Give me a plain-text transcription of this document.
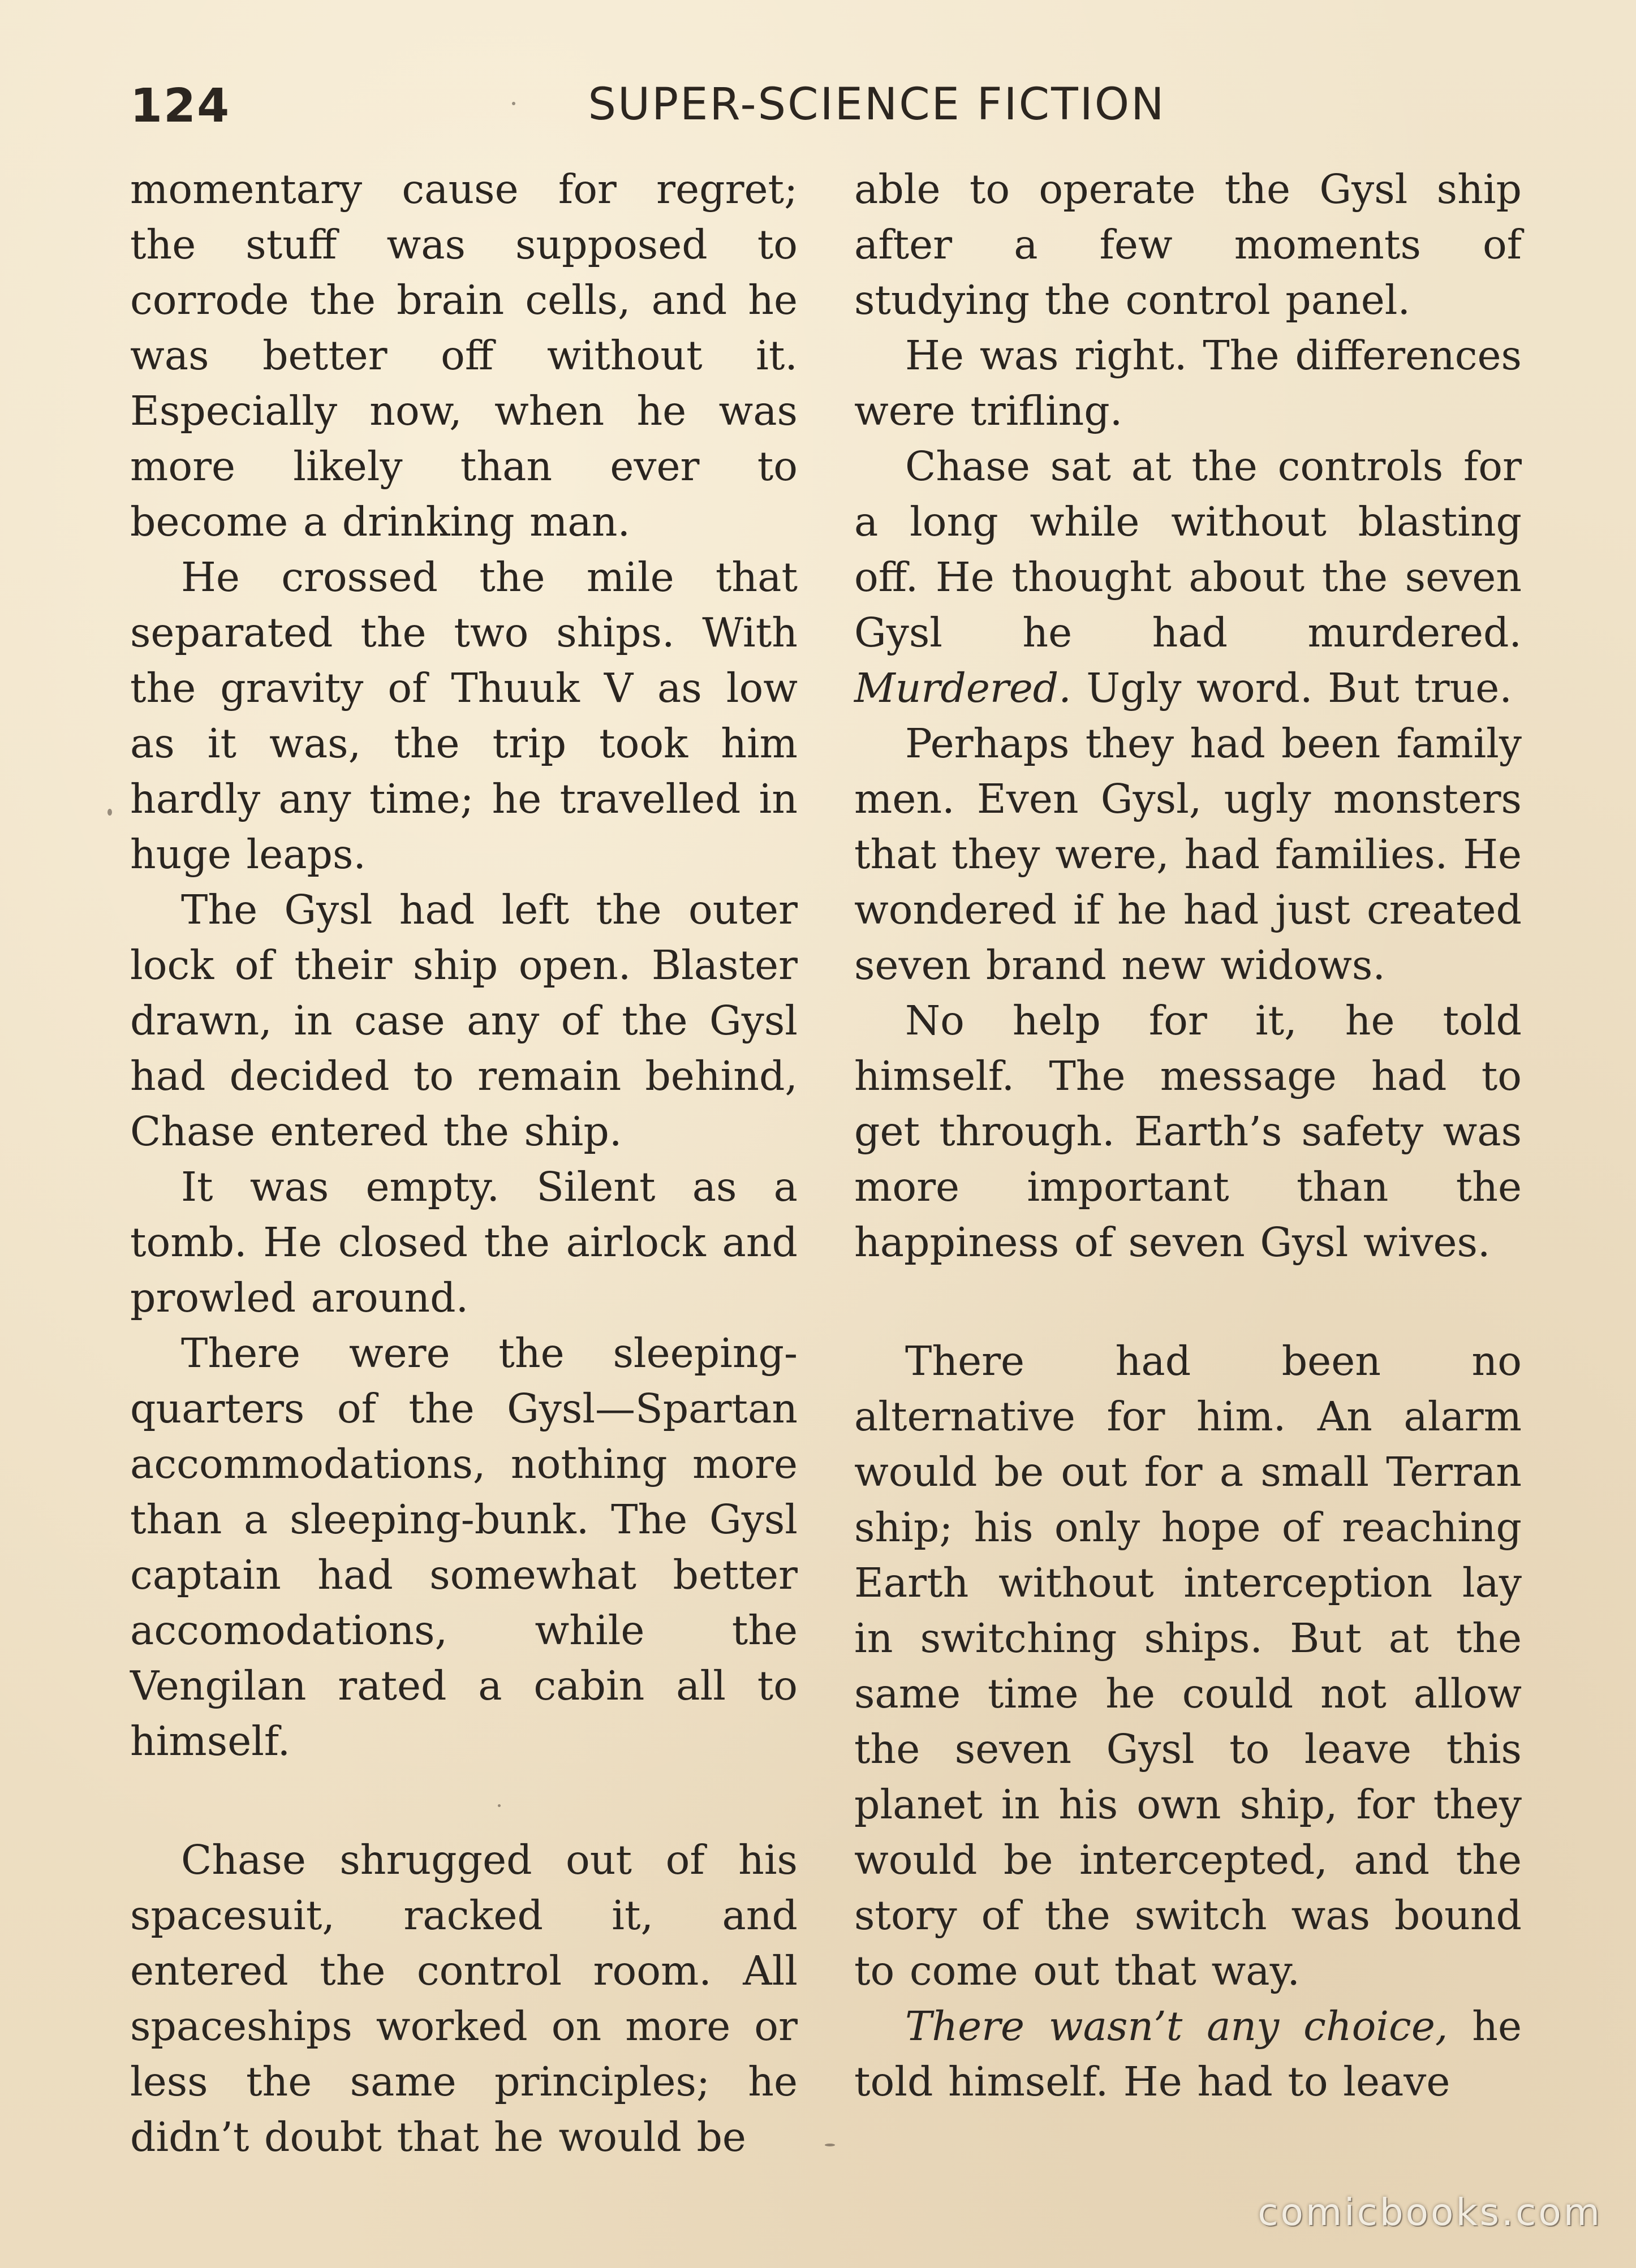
124	SUPER-SCIENCE FICTION

momentary cause for regret; the stuff was supposed to corrode the brain cells, and he was better off without it. Especially now, when he was more likely than ever to become a drinking man.

He crossed the mile that separated the two ships. With the gravity of Thuuk V as low as it was, the trip took him hardly any time; he travelled in huge leaps.

The Gysl had left the outer lock of their ship open. Blaster drawn, in case any of the Gysl had decided to remain behind, Chase entered the ship.

It was empty. Silent as a tomb. He closed the airlock and prowled around.

There were the sleeping-quarters of the Gysl—Spartan accommodations, nothing more than a sleeping-bunk. The Gysl captain had somewhat better accomodations, while the Vengilan rated a cabin all to himself.

Chase shrugged out of his spacesuit, racked it, and entered the control room. All spaceships worked on more or less the same principles; he didn’t doubt that he would be

able to operate the Gysl ship after a few moments of studying the control panel.

He was right. The differences were trifling.

Chase sat at the controls for a long while without blasting off. He thought about the seven Gysl he had murdered. Murdered. Ugly word. But true.

Perhaps they had been family men. Even Gysl, ugly monsters that they were, had families. He wondered if he had just created seven brand new widows.

No help for it, he told himself. The message had to get through. Earth’s safety was more important than the happiness of seven Gysl wives.

There had been no alternative for him. An alarm would be out for a small Terran ship; his only hope of reaching Earth without interception lay in switching ships. But at the same time he could not allow the seven Gysl to leave this planet in his own ship, for they would be intercepted, and the story of the switch was bound to come out that way.

There wasn’t any choice, he told himself. He had to leave

comicbooks.com
